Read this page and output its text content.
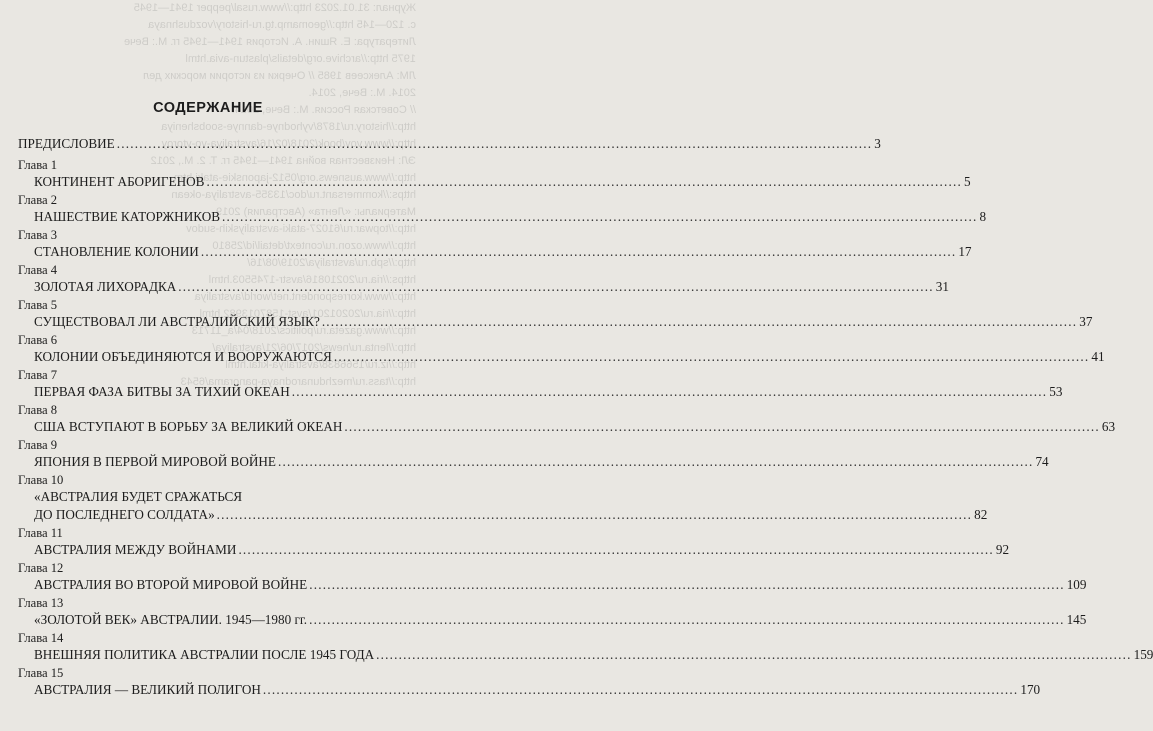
Журнал: 31.01.2023 http://www.rusal/pepper 1941—1945
с. 120—145 http://geomamp.tg.ru-history/vozdushnaya
Литература: Е. Яшин. А. История 1941—1945 гг. М.: Вече
1975 http://archive.org/details/plastun-avia.html
ЛМ: Алексеев 1985 // Очерки из истории морских дел
2014. М.: Вече, 2014.
// Советская Россия. М.: Вече, 2014.
http://history.ru/1878/vyhodnye-dannye-soobsheniya
http://www.vov/book/2018/02/16/avstraliya-vo-vtoroy
ЭЛ: Неизвестная война 1941—1945 гг. Т. 2. М., 2012
http://www.ausnews.org/0512-japonskie-ataki.htm
https://kommersant.ru/doc/13355-avstraliya-okean
Материалы: «Лента» (Австралия) 2019.
http://topwar.ru/61027-ataki-avstraliyskih-sudov
http://www.ozon.ru/context/detail/id/25810
http://spb.ru/avstraliya/2019/08/16/
https://ria.ru/20210816/avstr-1745503.html
http://www.korrespondent.net/world/avstraliya
http://ria.ru/20201201/avst-1587013982.html
http://www.gazeta.ru/politics/2018/04/a_11713
http://lenta.ru/news/2017/06/21/avstraliya/
http://iz.ru/1566838/avstraliya-kitai.html
http://tass.ru/mezhdunarodnaya-panorama/6543
СОДЕРЖАНИЕ
ПРЕДИСЛОВИЕ .....	3
Глава 1
КОНТИНЕНТ АБОРИГЕНОВ .....	5
Глава 2
НАШЕСТВИЕ КАТОРЖНИКОВ .....	8
Глава 3
СТАНОВЛЕНИЕ КОЛОНИИ .....	17
Глава 4
ЗОЛОТАЯ ЛИХОРАДКА .....	31
Глава 5
СУЩЕСТВОВАЛ ЛИ АВСТРАЛИЙСКИЙ ЯЗЫК? .....	37
Глава 6
КОЛОНИИ ОБЪЕДИНЯЮТСЯ И ВООРУЖАЮТСЯ .....	41
Глава 7
ПЕРВАЯ ФАЗА БИТВЫ ЗА ТИХИЙ ОКЕАН .....	53
Глава 8
США ВСТУПАЮТ В БОРЬБУ ЗА ВЕЛИКИЙ ОКЕАН .....	63
Глава 9
ЯПОНИЯ В ПЕРВОЙ МИРОВОЙ ВОЙНЕ .....	74
Глава 10
«АВСТРАЛИЯ БУДЕТ СРАЖАТЬСЯ
ДО ПОСЛЕДНЕГО СОЛДАТА» .....	82
Глава 11
АВСТРАЛИЯ МЕЖДУ ВОЙНАМИ .....	92
Глава 12
АВСТРАЛИЯ ВО ВТОРОЙ МИРОВОЙ ВОЙНЕ .....	109
Глава 13
«ЗОЛОТОЙ ВЕК» АВСТРАЛИИ. 1945—1980 гг. .....	145
Глава 14
ВНЕШНЯЯ ПОЛИТИКА АВСТРАЛИИ ПОСЛЕ 1945 ГОДА .....	159
Глава 15
АВСТРАЛИЯ — ВЕЛИКИЙ ПОЛИГОН .....	170
